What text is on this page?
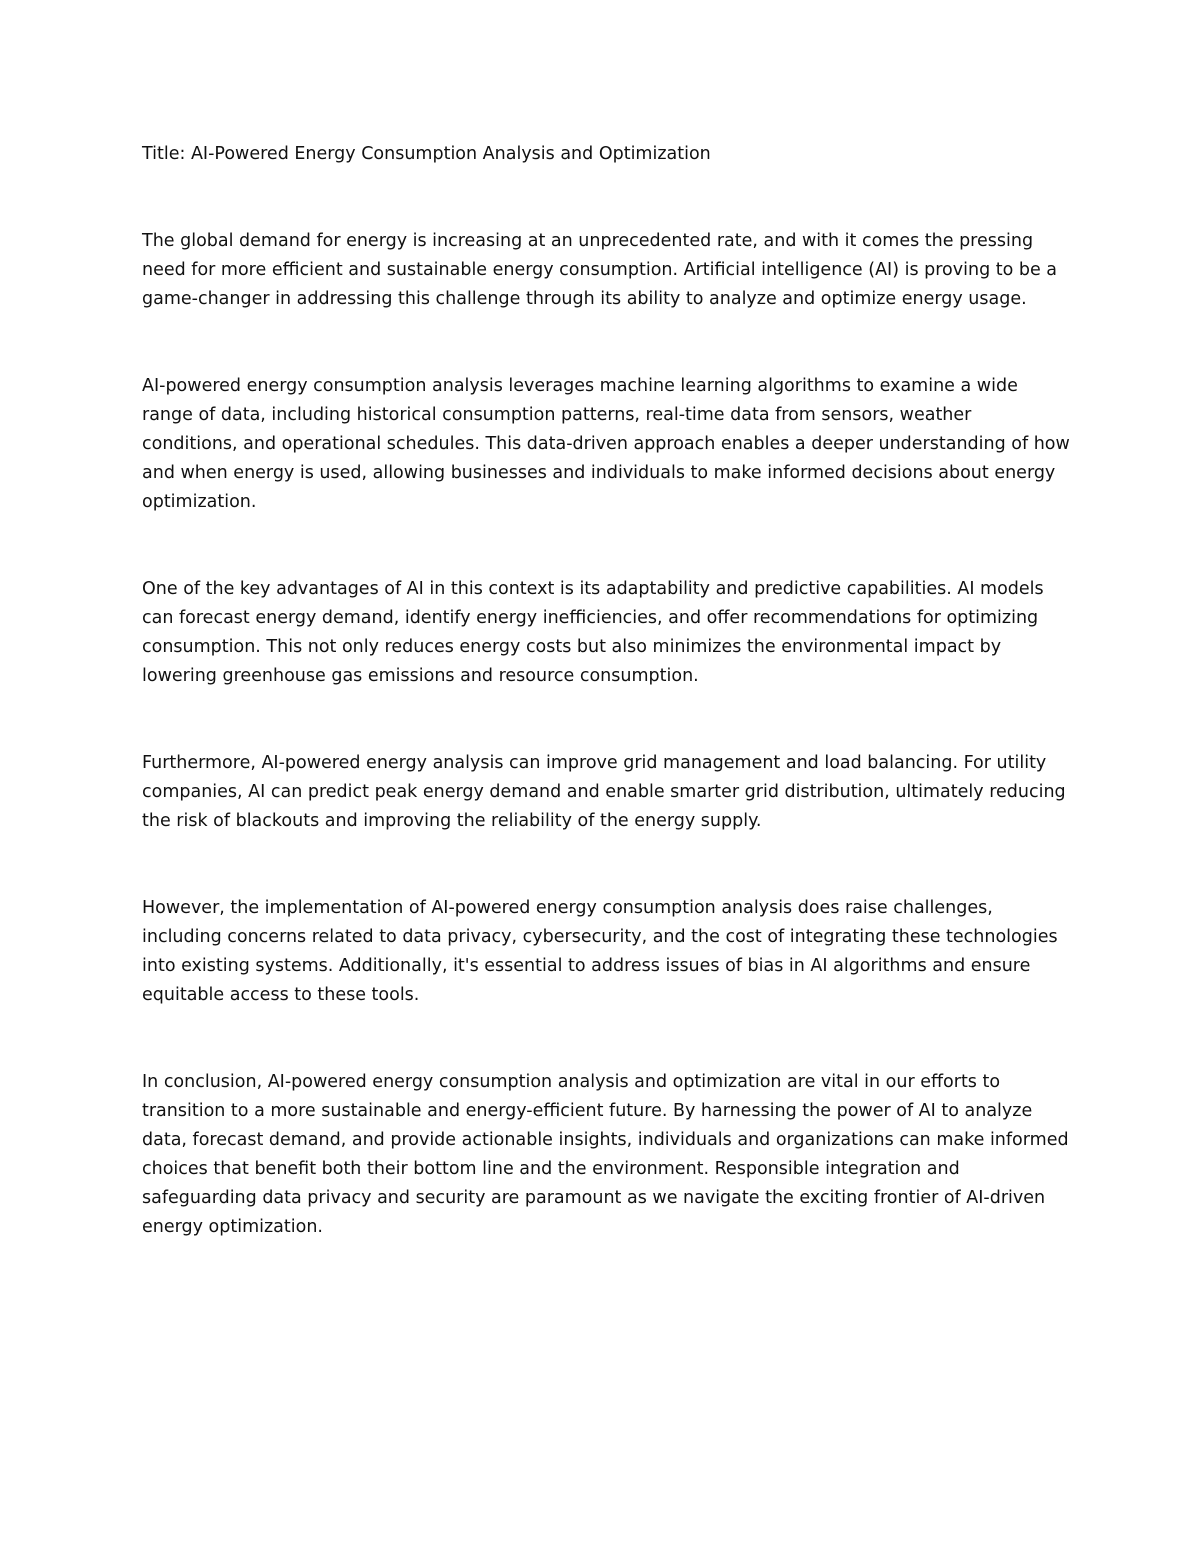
Title: AI-Powered Energy Consumption Analysis and Optimization

The global demand for energy is increasing at an unprecedented rate, and with it comes the pressing need for more efficient and sustainable energy consumption. Artificial intelligence (AI) is proving to be a game-changer in addressing this challenge through its ability to analyze and optimize energy usage.

AI-powered energy consumption analysis leverages machine learning algorithms to examine a wide range of data, including historical consumption patterns, real-time data from sensors, weather conditions, and operational schedules. This data-driven approach enables a deeper understanding of how and when energy is used, allowing businesses and individuals to make informed decisions about energy optimization.

One of the key advantages of AI in this context is its adaptability and predictive capabilities. AI models can forecast energy demand, identify energy inefficiencies, and offer recommendations for optimizing consumption. This not only reduces energy costs but also minimizes the environmental impact by lowering greenhouse gas emissions and resource consumption.

Furthermore, AI-powered energy analysis can improve grid management and load balancing. For utility companies, AI can predict peak energy demand and enable smarter grid distribution, ultimately reducing the risk of blackouts and improving the reliability of the energy supply.

However, the implementation of AI-powered energy consumption analysis does raise challenges, including concerns related to data privacy, cybersecurity, and the cost of integrating these technologies into existing systems. Additionally, it's essential to address issues of bias in AI algorithms and ensure equitable access to these tools.

In conclusion, AI-powered energy consumption analysis and optimization are vital in our efforts to transition to a more sustainable and energy-efficient future. By harnessing the power of AI to analyze data, forecast demand, and provide actionable insights, individuals and organizations can make informed choices that benefit both their bottom line and the environment. Responsible integration and safeguarding data privacy and security are paramount as we navigate the exciting frontier of AI-driven energy optimization.
